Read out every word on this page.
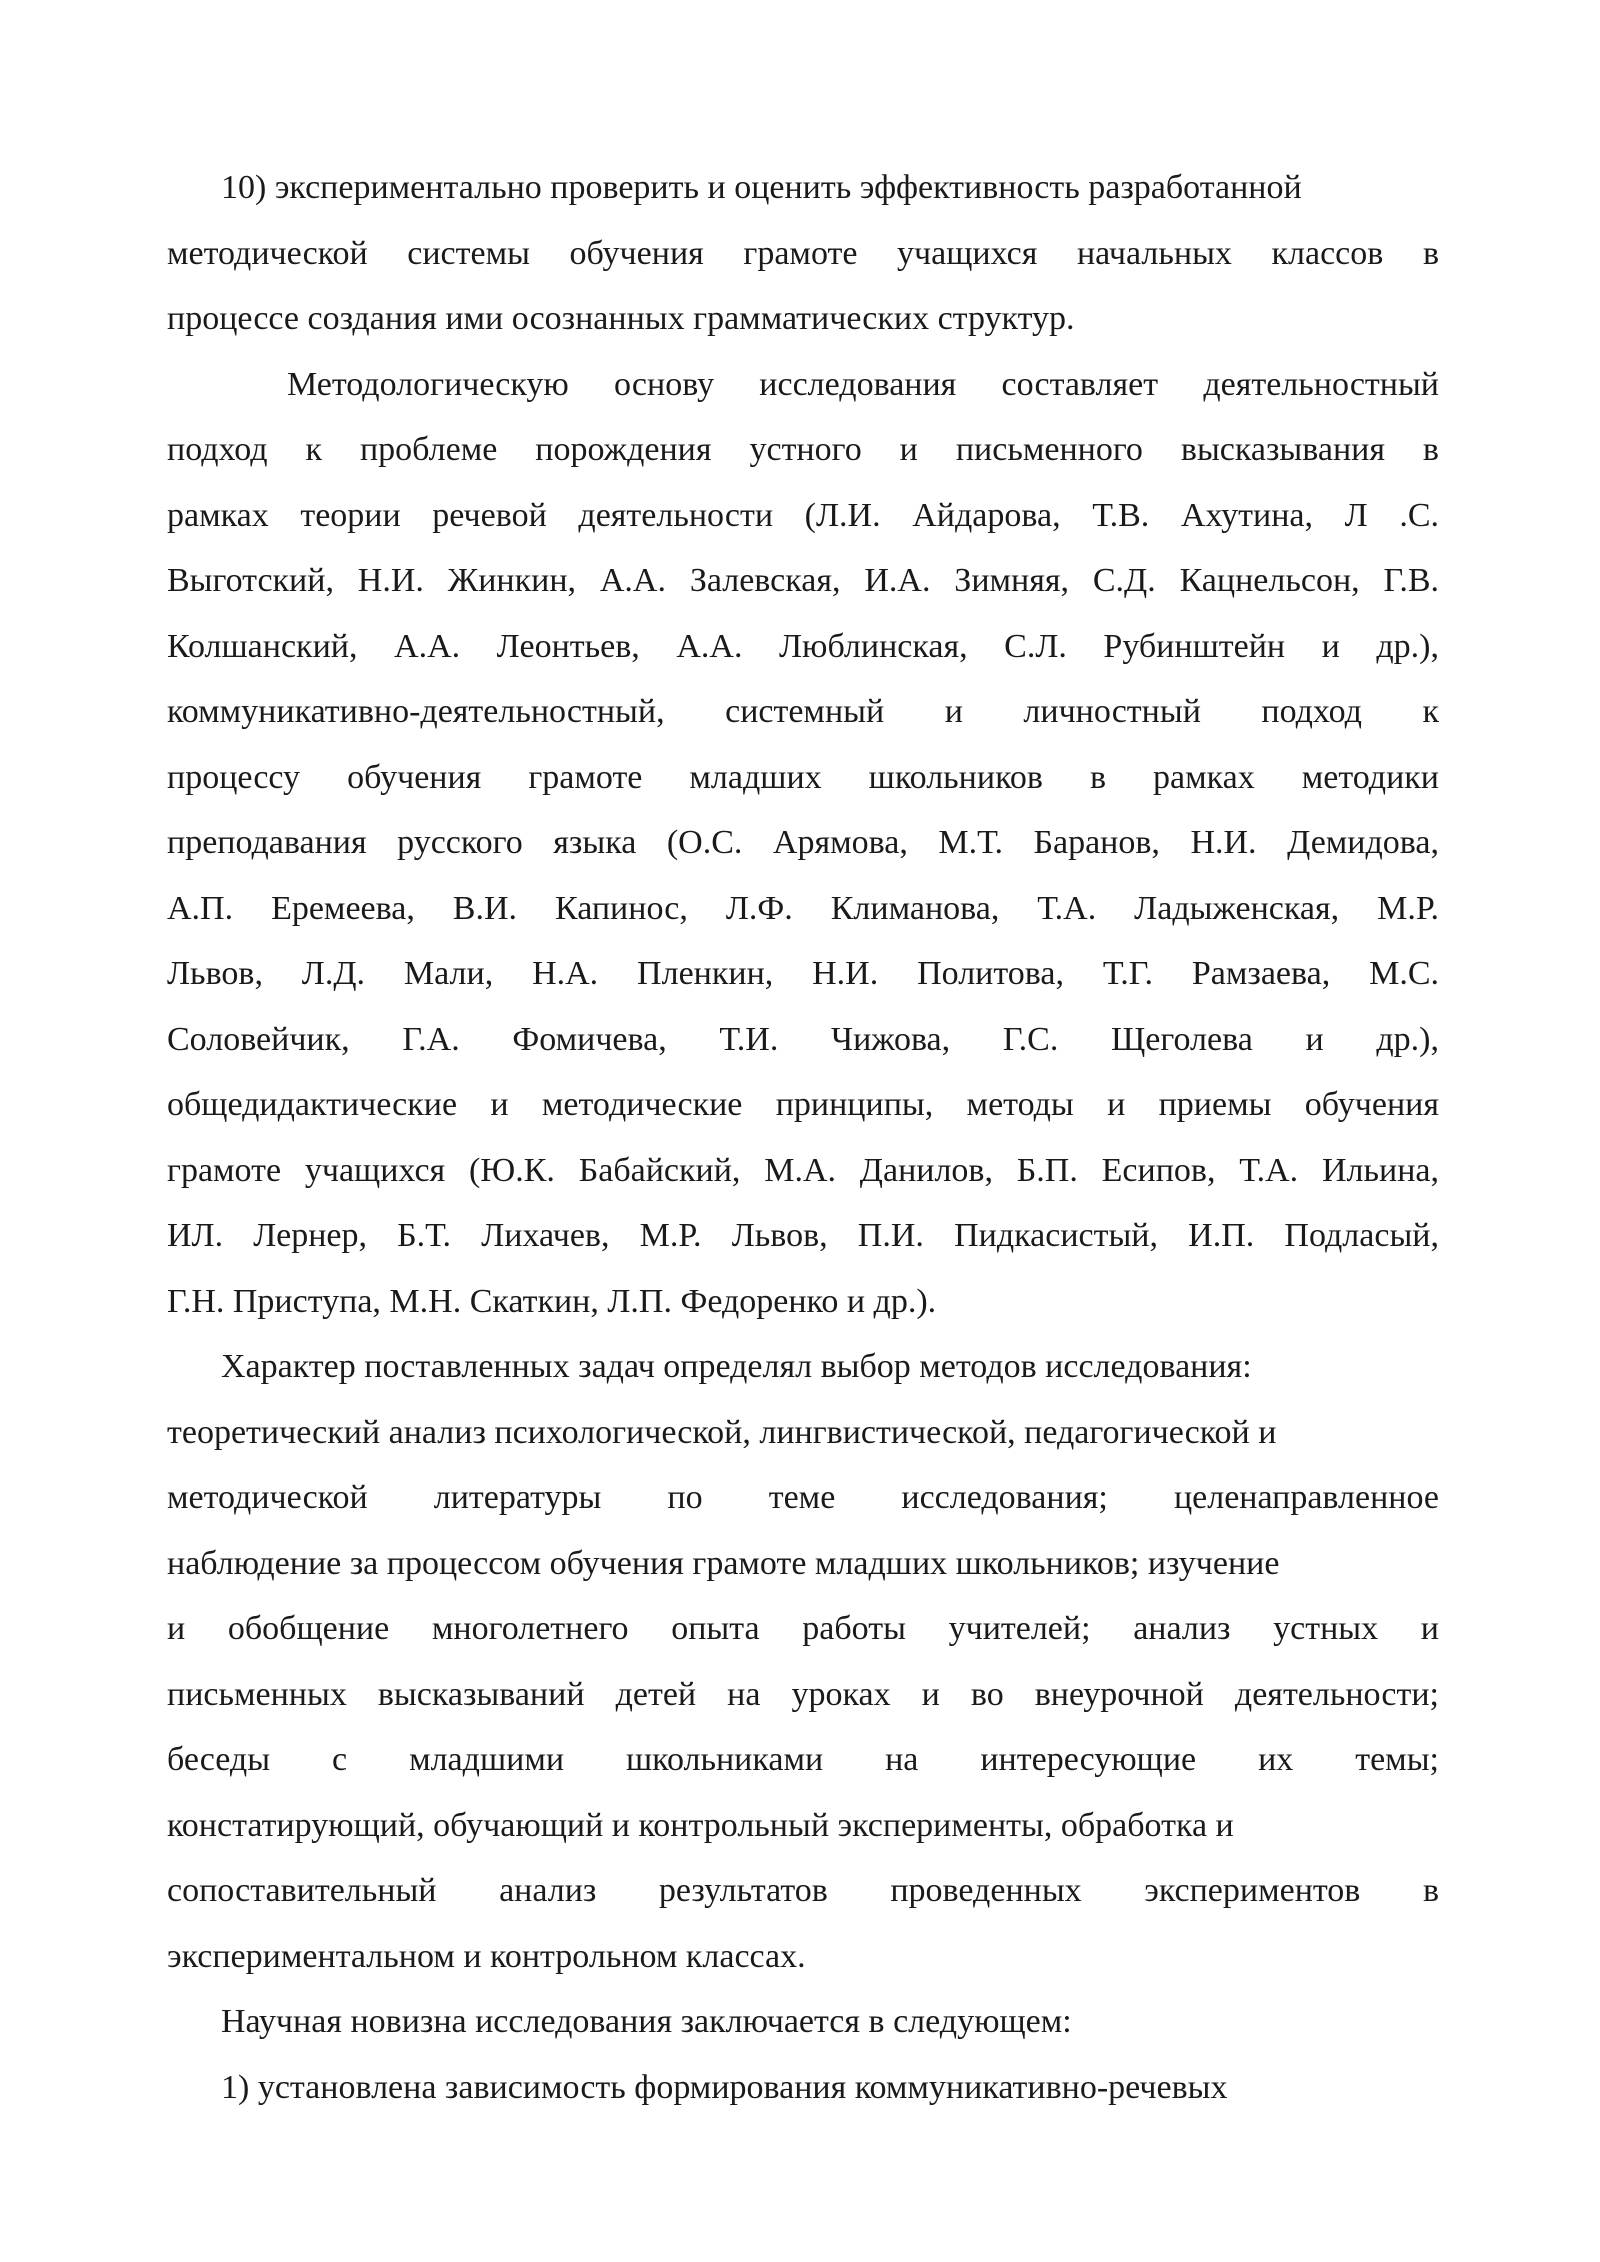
10) экспериментально проверить и оценить эффективность разработанной
методической системы обучения грамоте учащихся начальных классов в
процессе создания ими осознанных грамматических структур.
Методологическую основу исследования составляет деятельностный
подход к проблеме порождения устного и письменного высказывания в
рамках теории речевой деятельности (Л.И. Айдарова, Т.В. Ахутина, Л .С.
Выготский, Н.И. Жинкин, А.А. Залевская, И.А. Зимняя, С.Д. Кацнельсон, Г.В.
Колшанский, А.А. Леонтьев, А.А. Люблинская, С.Л. Рубинштейн и др.),
коммуникативно-деятельностный, системный и личностный подход к
процессу обучения грамоте младших школьников в рамках методики
преподавания русского языка (О.С. Арямова, М.Т. Баранов, Н.И. Демидова,
А.П. Еремеева, В.И. Капинос, Л.Ф. Климанова, Т.А. Ладыженская, М.Р.
Львов, Л.Д. Мали, Н.А. Пленкин, Н.И. Политова, Т.Г. Рамзаева, М.С.
Соловейчик, Г.А. Фомичева, Т.И. Чижова, Г.С. Щеголева и др.),
общедидактические и методические принципы, методы и приемы обучения
грамоте учащихся (Ю.К. Бабайский, М.А. Данилов, Б.П. Есипов, Т.А. Ильина,
ИЛ. Лернер, Б.Т. Лихачев, М.Р. Львов, П.И. Пидкасистый, И.П. Подласый,
Г.Н. Приступа, М.Н. Скаткин, Л.П. Федоренко и др.).
Характер поставленных задач определял выбор методов исследования:
теоретический анализ психологической, лингвистической, педагогической и
методической литературы по теме исследования; целенаправленное
наблюдение за процессом обучения грамоте младших школьников; изучение
и обобщение многолетнего опыта работы учителей; анализ устных и
письменных высказываний детей на уроках и во внеурочной деятельности;
беседы с младшими школьниками на интересующие их темы;
констатирующий, обучающий и контрольный эксперименты, обработка и
сопоставительный анализ результатов проведенных экспериментов в
экспериментальном и контрольном классах.
Научная новизна исследования заключается в следующем:
1) установлена зависимость формирования коммуникативно-речевых
